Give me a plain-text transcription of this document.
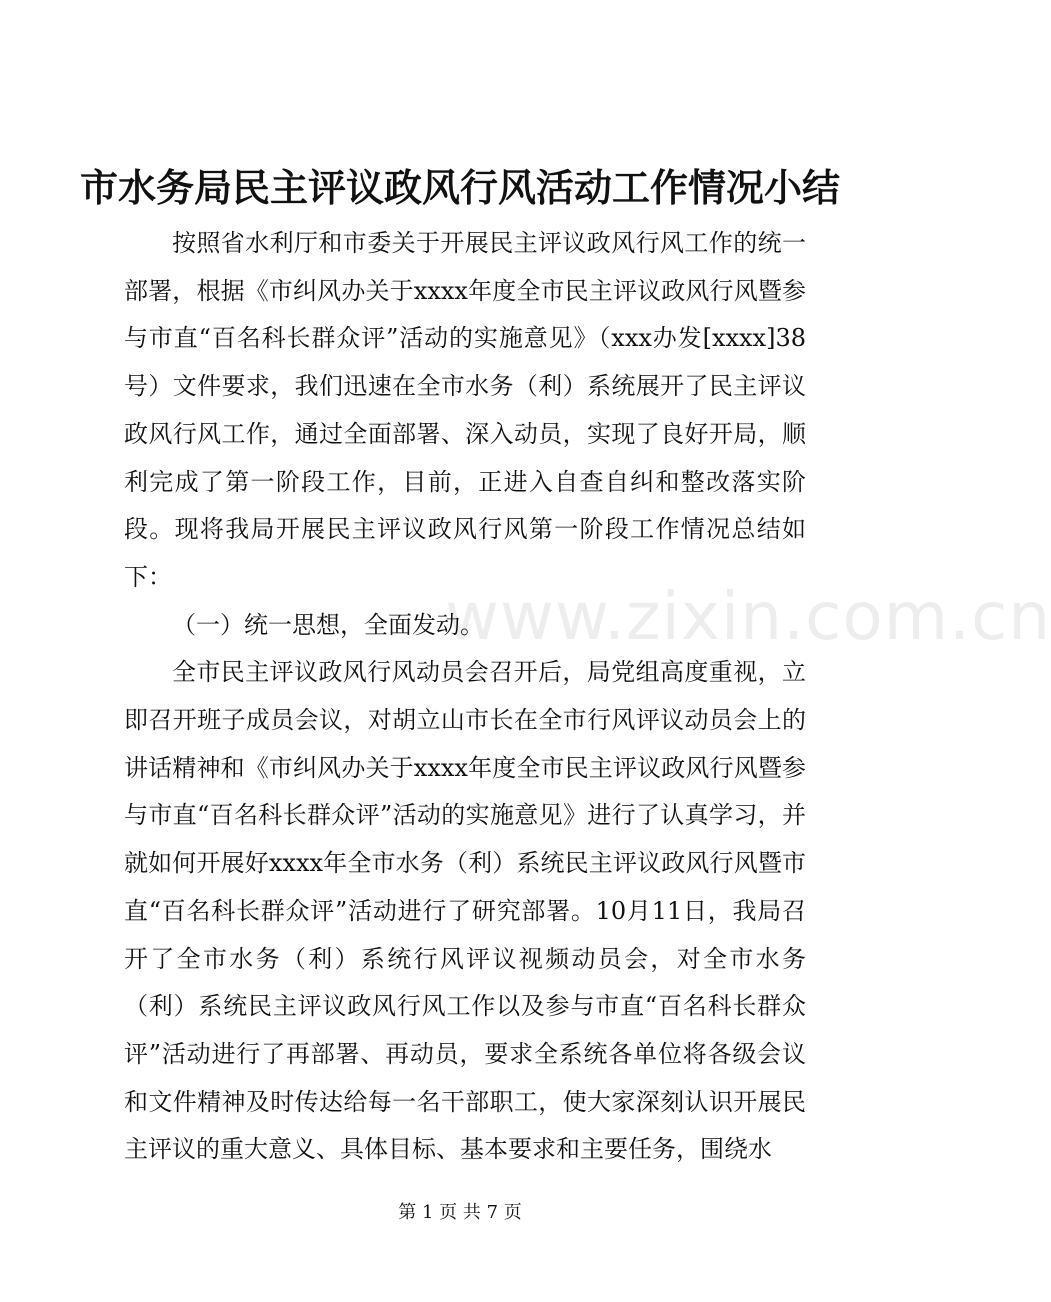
市水务局民主评议政风行风活动工作情况小结

按照省水利厅和市委关于开展民主评议政风行风工作的统一部署，根据《市纠风办关于xxxx年度全市民主评议政风行风暨参与市直“百名科长群众评”活动的实施意见》（xxx办发[xxxx]38号）文件要求，我们迅速在全市水务（利）系统展开了民主评议政风行风工作，通过全面部署、深入动员，实现了良好开局，顺利完成了第一阶段工作，目前，正进入自查自纠和整改落实阶段。现将我局开展民主评议政风行风第一阶段工作情况总结如下：

（一）统一思想，全面发动。

全市民主评议政风行风动员会召开后，局党组高度重视，立即召开班子成员会议，对胡立山市长在全市行风评议动员会上的讲话精神和《市纠风办关于xxxx年度全市民主评议政风行风暨参与市直“百名科长群众评”活动的实施意见》进行了认真学习，并就如何开展好xxxx年全市水务（利）系统民主评议政风行风暨市直“百名科长群众评”活动进行了研究部署。10月11日，我局召开了全市水务（利）系统行风评议视频动员会，对全市水务（利）系统民主评议政风行风工作以及参与市直“百名科长群众评”活动进行了再部署、再动员，要求全系统各单位将各级会议和文件精神及时传达给每一名干部职工，使大家深刻认识开展民主评议的重大意义、具体目标、基本要求和主要任务，围绕水

www.zixin.com.cn
第 1 页 共 7 页
